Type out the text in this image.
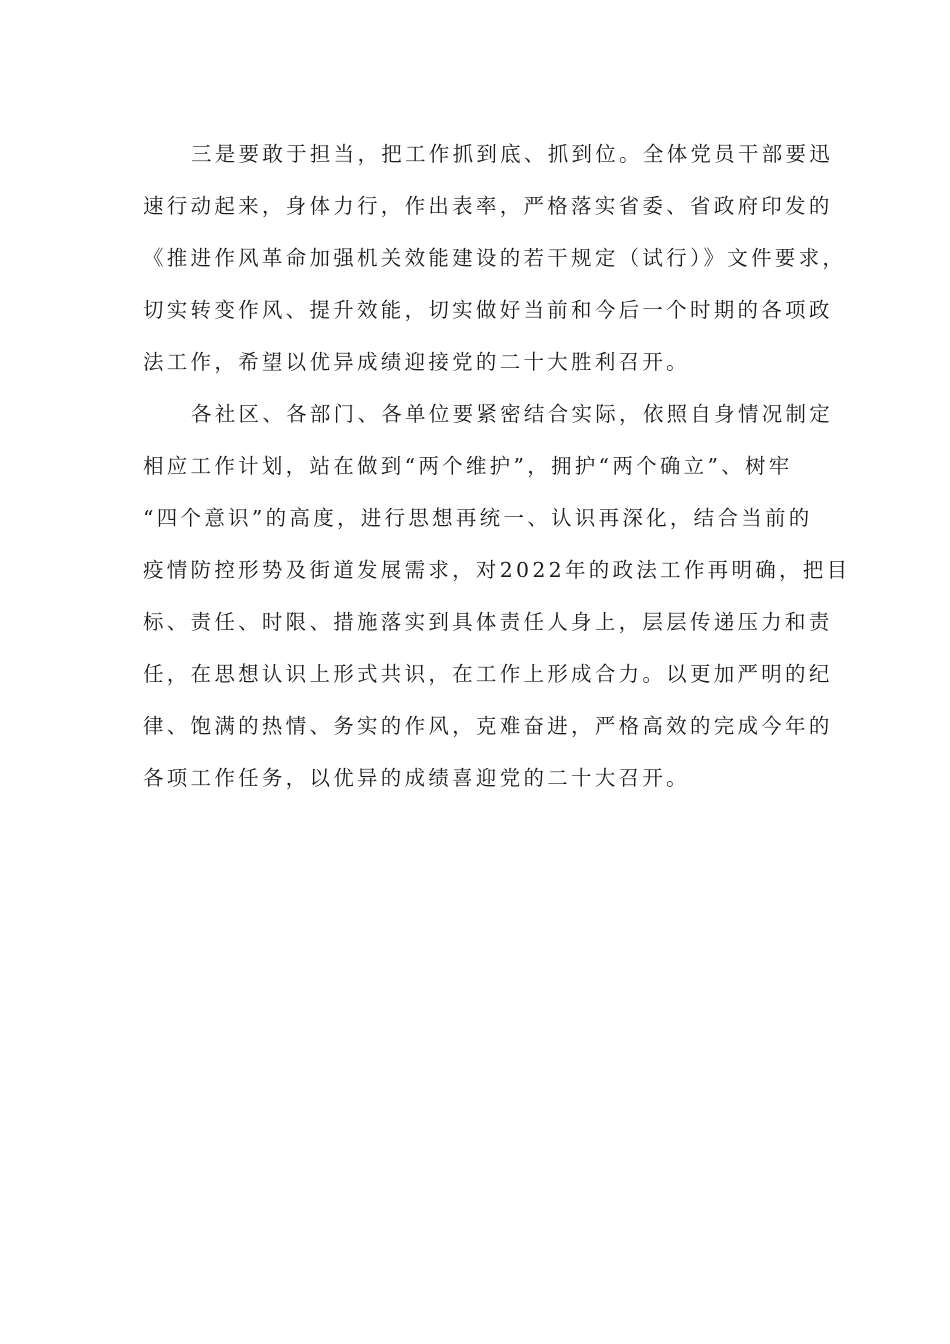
三是要敢于担当，把工作抓到底、抓到位。全体党员干部要迅
速行动起来，身体力行，作出表率，严格落实省委、省政府印发的
《推进作风革命加强机关效能建设的若干规定（试行）》文件要求，
切实转变作风、提升效能，切实做好当前和今后一个时期的各项政
法工作，希望以优异成绩迎接党的二十大胜利召开。
各社区、各部门、各单位要紧密结合实际，依照自身情况制定
相应工作计划，站在做到“两个维护”，拥护“两个确立”、树牢
“四个意识”的高度，进行思想再统一、认识再深化，结合当前的
疫情防控形势及街道发展需求，对2022年的政法工作再明确，把目
标、责任、时限、措施落实到具体责任人身上，层层传递压力和责
任，在思想认识上形式共识，在工作上形成合力。以更加严明的纪
律、饱满的热情、务实的作风，克难奋进，严格高效的完成今年的
各项工作任务，以优异的成绩喜迎党的二十大召开。
